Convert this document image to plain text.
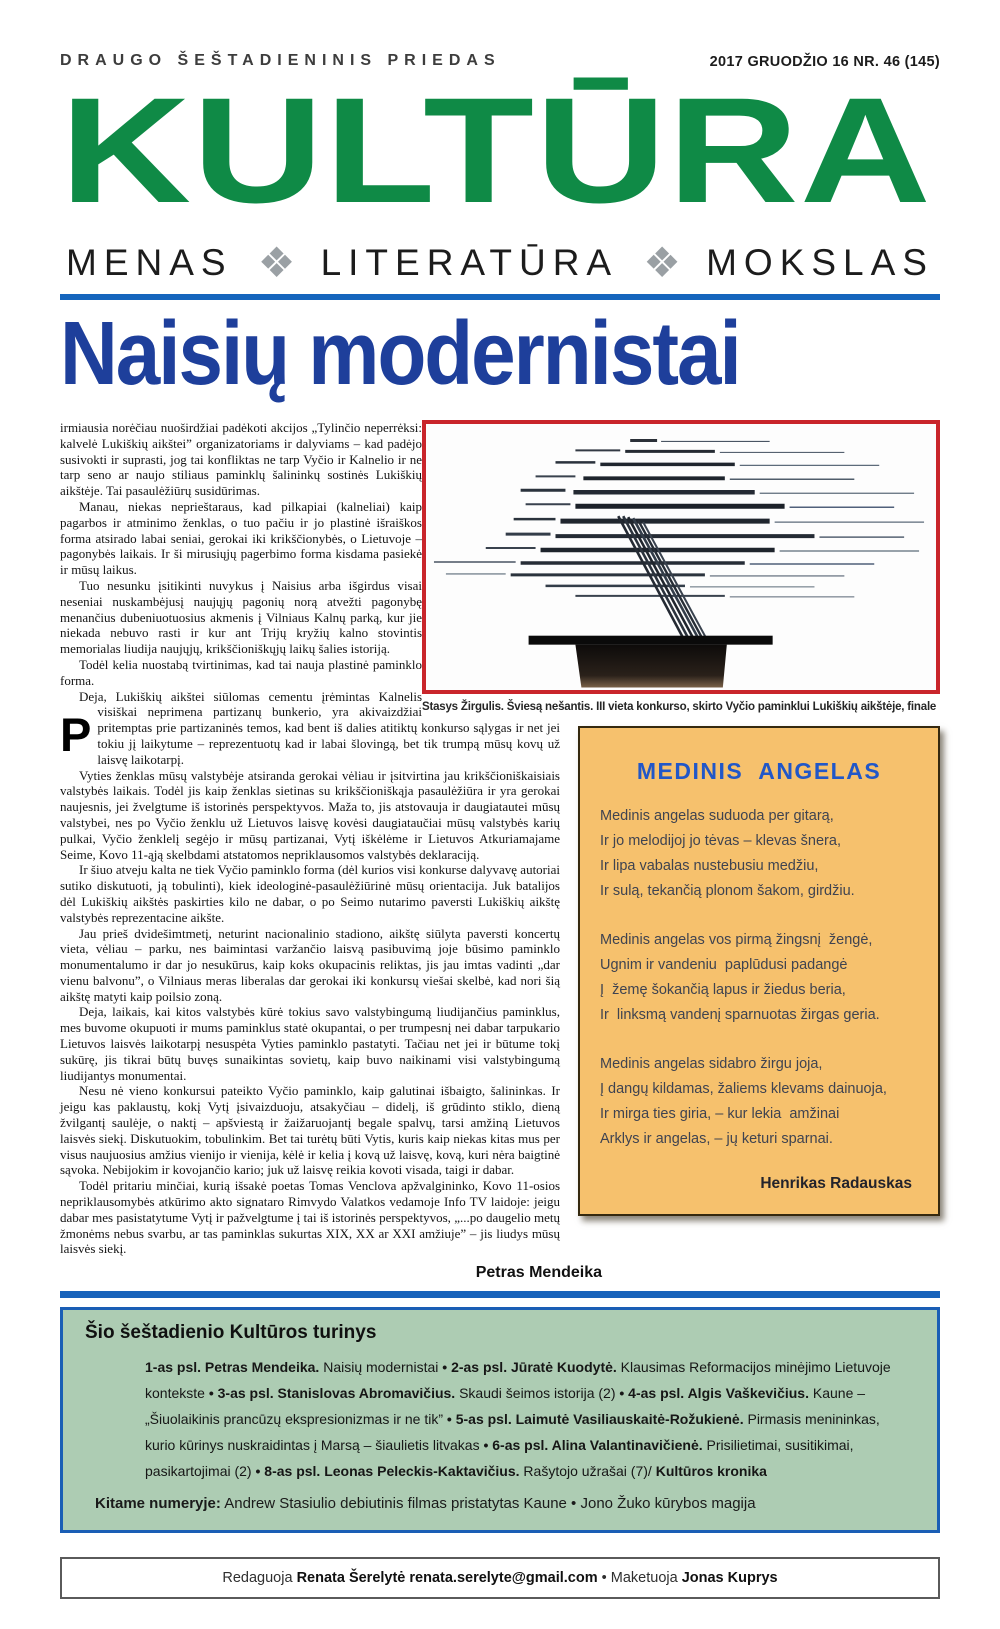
DRAUGO ŠEŠTADIENINIS PRIEDAS	2017 GRUODŽIO 16 NR. 46 (145)
KULTŪRA
MENAS ❖ LITERATŪRA ❖ MOKSLAS
Naisių modernistai
Stasys Žirgulis. Šviesą nešantis. III vieta konkurso, skirto Vyčio paminklui Lukiškių aikštėje, finale
MEDINIS ANGELAS

Medinis angelas suduoda per gitarą,

Ir jo melodijoj jo tėvas – klevas šnera,

Ir lipa vabalas nustebusiu medžiu,

Ir sulą, tekančią plonom šakom, girdžiu.

Medinis angelas vos pirmą žingsnį  žengė,

Ugnim ir vandeniu  paplūdusi padangė

Į  žemę šokančią lapus ir žiedus beria,

Ir  linksmą vandenį sparnuotas žirgas geria.

Medinis angelas sidabro žirgu joja,

Į dangų kildamas, žaliems klevams dainuoja,

Ir mirga ties giria, – kur lekia  amžinai

Arklys ir angelas, – jų keturi sparnai.

Henrikas Radauskas

P
irmiausia norėčiau nuoširdžiai padėkoti akcijos „Tylinčio neperrėksi: kalvelė Lukiškių aikštei” organizatoriams ir dalyviams – kad padėjo susivokti ir suprasti, jog tai konfliktas ne tarp Vyčio ir Kalnelio ir ne tarp seno ar naujo stiliaus paminklų šalininkų sostinės Lukiškių aikštėje. Tai pasaulėžiūrų susidūrimas.

Manau, niekas neprieštaraus, kad pilkapiai (kalneliai) kaip pagarbos ir atminimo ženklas, o tuo pačiu ir jo plastinė išraiškos forma atsirado labai seniai, gerokai iki krikščionybės, o Lietuvoje – pagonybės laikais. Ir ši mirusiųjų pagerbimo forma kisdama pasiekė ir mūsų laikus.

Tuo nesunku įsitikinti nuvykus į Naisius arba išgirdus visai neseniai nuskambėjusį naujųjų pagonių norą atvežti pagonybę menančius dubeniuotuosius akmenis į Vilniaus Kalnų parką, kur jie niekada nebuvo rasti ir kur ant Trijų kryžių kalno stovintis memorialas liudija naujųjų, krikščioniškųjų laikų šalies istoriją.

Todėl kelia nuostabą tvirtinimas, kad tai nauja plastinė paminklo forma.

Deja, Lukiškių aikštei siūlomas cementu įrėmintas Kalnelis visiškai neprimena partizanų bunkerio, yra akivaizdžiai pritemptas prie partizaninės temos, kad bent iš dalies atitiktų konkurso sąlygas ir net jei tokiu jį laikytume – reprezentuotų kad ir labai šlovingą, bet tik trumpą mūsų kovų už laisvę laikotarpį.

Vyties ženklas mūsų valstybėje atsiranda gerokai vėliau ir įsitvirtina jau krikščioniškaisiais valstybės laikais. Todėl jis kaip ženklas sietinas su krikščioniškąja pasaulėžiūra ir yra gerokai naujesnis, jei žvelgtume iš istorinės perspektyvos. Maža to, jis atstovauja ir daugiatautei mūsų valstybei, nes po Vyčio ženklu už Lietuvos laisvę kovėsi daugiataučiai mūsų valstybės karių pulkai, Vyčio ženklelį segėjo ir mūsų partizanai, Vytį iškėlėme ir Lietuvos Atkuriamajame Seime, Kovo 11-ąją skelbdami atstatomos nepriklausomos valstybės deklaraciją.

Ir šiuo atveju kalta ne tiek Vyčio paminklo forma (dėl kurios visi konkurse dalyvavę autoriai sutiko diskutuoti, ją tobulinti), kiek ideologinė-pasaulėžiūrinė mūsų orientacija. Juk batalijos dėl Lukiškių aikštės paskirties kilo ne dabar, o po Seimo nutarimo paversti Lukiškių aikštę valstybės reprezentacine aikšte.

Jau prieš dvidešimtmetį, neturint nacionalinio stadiono, aikštę siūlyta paversti koncertų vieta, vėliau – parku, nes baimintasi varžančio laisvą pasibuvimą joje būsimo paminklo monumentalumo ir dar jo nesukūrus, kaip koks okupacinis reliktas, jis jau imtas vadinti „dar vienu balvonu”, o Vilniaus meras liberalas dar gerokai iki konkursų viešai skelbė, kad nori šią aikštę matyti kaip poilsio zoną.

Deja, laikais, kai kitos valstybės kūrė tokius savo valstybingumą liudijančius paminklus, mes buvome okupuoti ir mums paminklus statė okupantai, o per trumpesnį nei dabar tarpukario Lietuvos laisvės laikotarpį nesuspėta Vyties paminklo pastatyti. Tačiau net jei ir būtume tokį sukūrę, jis tikrai būtų buvęs sunaikintas sovietų, kaip buvo naikinami visi valstybingumą liudijantys monumentai.

Nesu nė vieno konkursui pateikto Vyčio paminklo, kaip galutinai išbaigto, šalininkas. Ir jeigu kas paklaustų, kokį Vytį įsivaizduoju, atsakyčiau – didelį, iš grūdinto stiklo, dieną žvilgantį saulėje, o naktį – apšviestą ir žaižaruojantį begale spalvų, tarsi amžiną Lietuvos laisvės siekį. Diskutuokim, tobulinkim. Bet tai turėtų būti Vytis, kuris kaip niekas kitas mus per visus naujuosius amžius vienijo ir vienija, kėlė ir kelia į kovą už laisvę, kovą, kuri nėra baigtinė sąvoka. Nebijokim ir kovojančio kario; juk už laisvę reikia kovoti visada, taigi ir dabar.

Todėl pritariu minčiai, kurią išsakė poetas Tomas Venclova apžvalgininko, Kovo 11-osios nepriklausomybės atkūrimo akto signataro Rimvydo Valatkos vedamoje Info TV laidoje: jeigu dabar mes pasistatytume Vytį ir pažvelgtume į tai iš istorinės perspektyvos, „...po daugelio metų žmonėms nebus svarbu, ar tas paminklas sukurtas XIX, XX ar XXI amžiuje” – jis liudys mūsų laisvės siekį.

Petras Mendeika

Šio šeštadienio Kultūros turinys

1-as psl. Petras Mendeika. Naisių modernistai • 2-as psl. Jūratė Kuodytė. Klausimas Reformacijos minėjimo Lietuvoje kontekste • 3-as psl. Stanislovas Abromavičius. Skaudi šeimos istorija (2) • 4-as psl. Algis Vaškevičius. Kaune – „Šiuolaikinis prancūzų ekspresionizmas ir ne tik” • 5-as psl. Laimutė Vasiliauskaitė-Rožukienė. Pirmasis menininkas, kurio kūrinys nuskraidintas į Marsą – šiaulietis litvakas • 6-as psl. Alina Valantinavičienė. Prisilietimai, susitikimai, pasikartojimai (2) • 8-as psl. Leonas Peleckis-Kaktavičius. Rašytojo užrašai (7)/ Kultūros kronika

Kitame numeryje: Andrew Stasiulio debiutinis filmas pristatytas Kaune • Jono Žuko kūrybos magija

Redaguoja Renata Šerelytė renata.serelyte@gmail.com • Maketuoja Jonas Kuprys
